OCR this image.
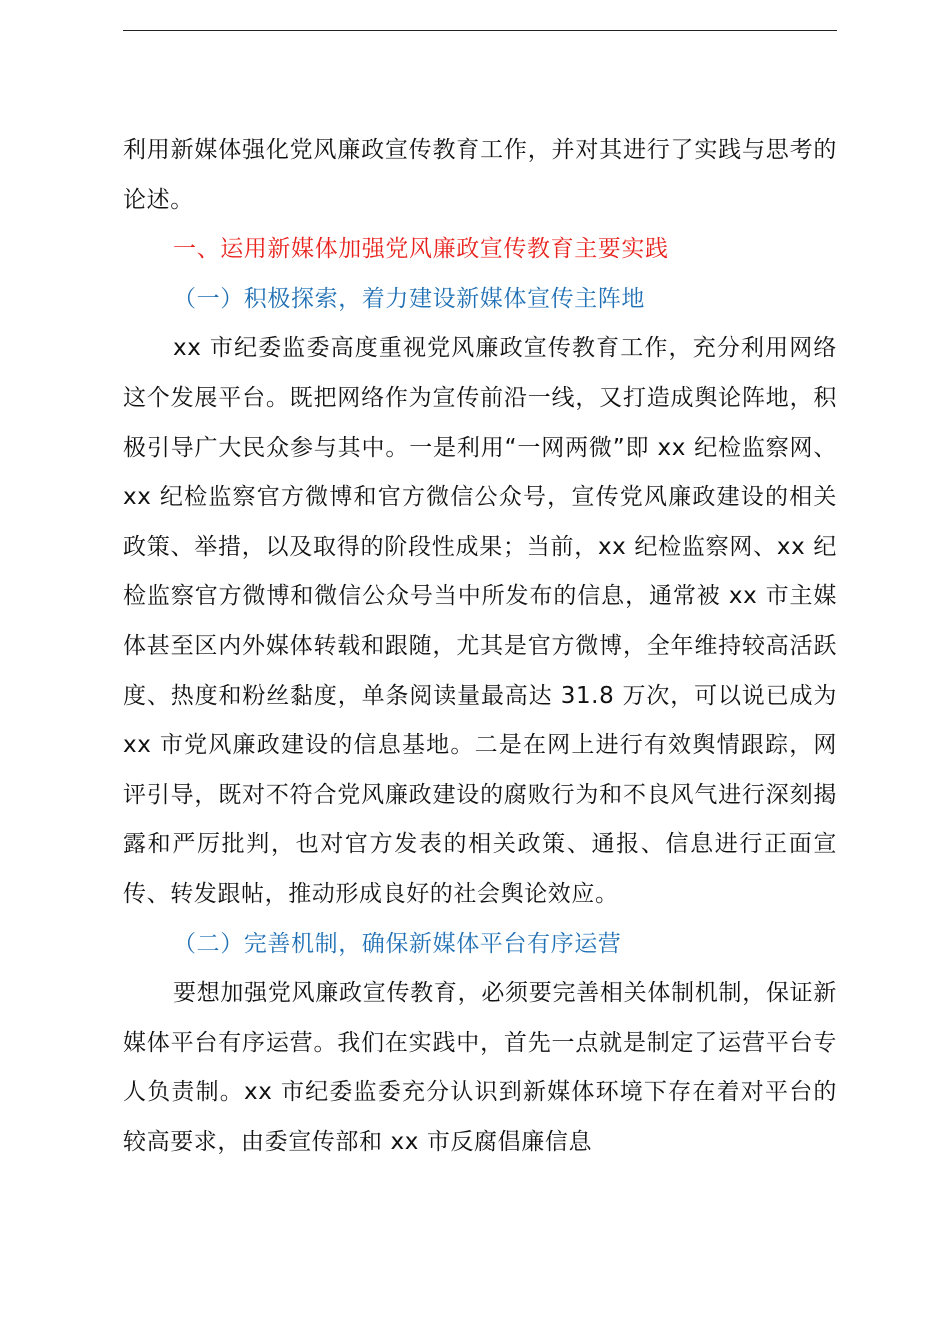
利用新媒体强化党风廉政宣传教育工作，并对其进行了实践与思考的论述。

一、运用新媒体加强党风廉政宣传教育主要实践

（一）积极探索，着力建设新媒体宣传主阵地

xx 市纪委监委高度重视党风廉政宣传教育工作，充分利用网络这个发展平台。既把网络作为宣传前沿一线，又打造成舆论阵地，积极引导广大民众参与其中。一是利用“一网两微”即 xx 纪检监察网、xx 纪检监察官方微博和官方微信公众号，宣传党风廉政建设的相关政策、举措，以及取得的阶段性成果；当前，xx 纪检监察网、xx 纪检监察官方微博和微信公众号当中所发布的信息，通常被 xx 市主媒体甚至区内外媒体转载和跟随，尤其是官方微博，全年维持较高活跃度、热度和粉丝黏度，单条阅读量最高达 31.8 万次，可以说已成为 xx 市党风廉政建设的信息基地。二是在网上进行有效舆情跟踪，网评引导，既对不符合党风廉政建设的腐败行为和不良风气进行深刻揭露和严厉批判，也对官方发表的相关政策、通报、信息进行正面宣传、转发跟帖，推动形成良好的社会舆论效应。

（二）完善机制，确保新媒体平台有序运营

要想加强党风廉政宣传教育，必须要完善相关体制机制，保证新媒体平台有序运营。我们在实践中，首先一点就是制定了运营平台专人负责制。xx 市纪委监委充分认识到新媒体环境下存在着对平台的较高要求，由委宣传部和 xx 市反腐倡廉信息
